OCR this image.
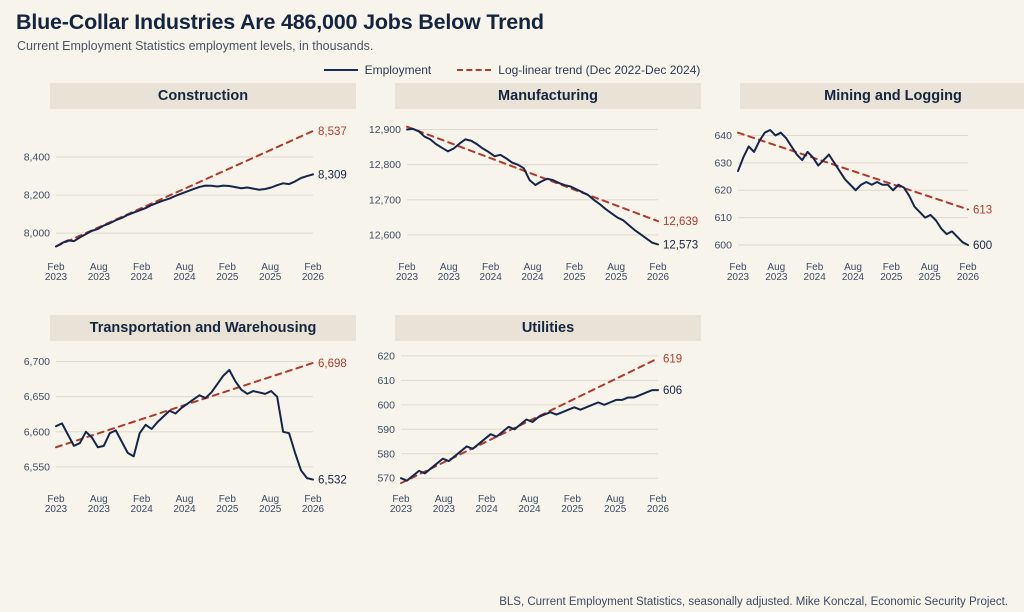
Blue-Collar Industries Are 486,000 Jobs Below Trend
Current Employment Statistics employment levels, in thousands.
Employment	Log-linear trend (Dec 2022-Dec 2024)
Construction
8,000
8,200
8,400
Feb
2023
Aug
2023
Feb
2024
Aug
2024
Feb
2025
Aug
2025
Feb
2026
8,309
8,537
Manufacturing
12,600
12,700
12,800
12,900
Feb
2023
Aug
2023
Feb
2024
Aug
2024
Feb
2025
Aug
2025
Feb
2026
12,573
12,639
Mining and Logging
600
610
620
630
640
Feb
2023
Aug
2023
Feb
2024
Aug
2024
Feb
2025
Aug
2025
Feb
2026
600
613
Transportation and Warehousing
6,550
6,600
6,650
6,700
Feb
2023
Aug
2023
Feb
2024
Aug
2024
Feb
2025
Aug
2025
Feb
2026
6,532
6,698
Utilities
570
580
590
600
610
620
Feb
2023
Aug
2023
Feb
2024
Aug
2024
Feb
2025
Aug
2025
Feb
2026
606
619
BLS, Current Employment Statistics, seasonally adjusted. Mike Konczal, Economic Security Project.
